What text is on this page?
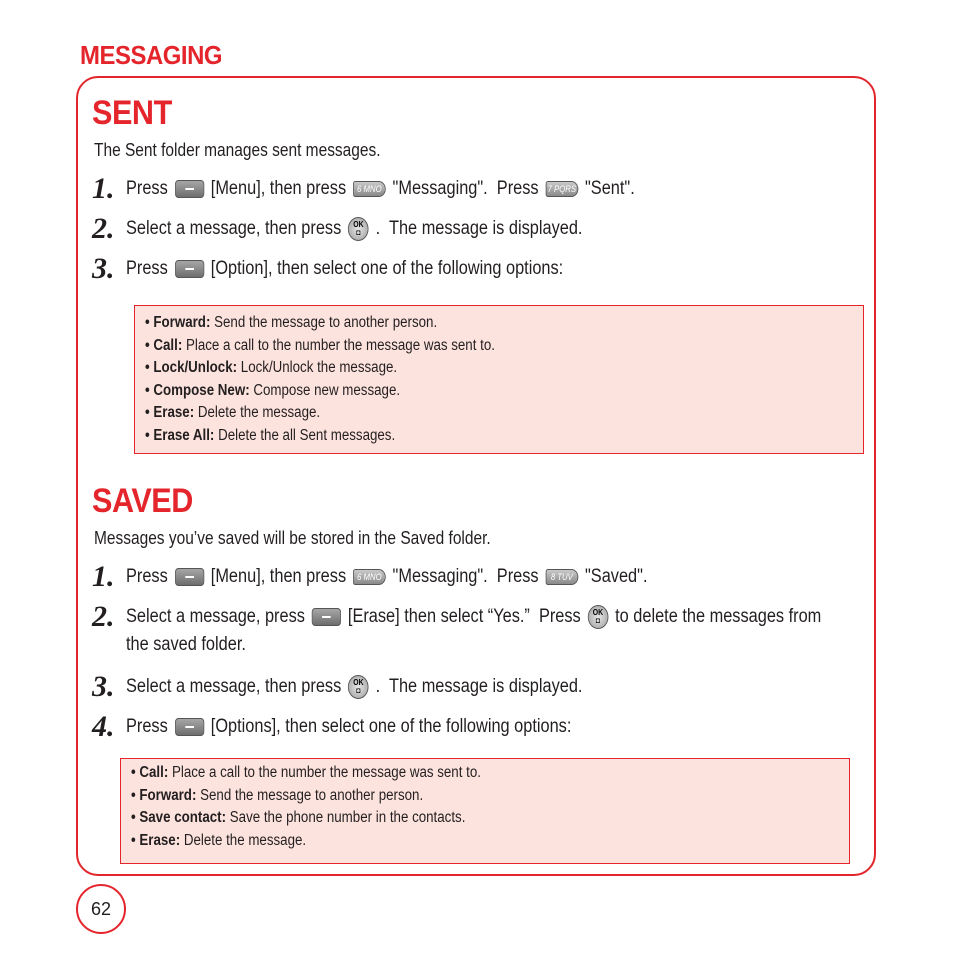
MESSAGING
SENT
The Sent folder manages sent messages.
1. Press [Menu], then press	6 MNO "Messaging".  Press 7 PQRS "Sent".
2. Select a message, then press OK
◘ .  The message is displayed.
3. Press [Option], then select one of the following options:
• Forward: Send the message to another person.
• Call: Place a call to the number the message was sent to.
• Lock/Unlock: Lock/Unlock the message.
• Compose New: Compose new message.
• Erase: Delete the message.
• Erase All: Delete the all Sent messages.
SAVED
Messages you’ve saved will be stored in the Saved folder.
1. Press [Menu], then press	6 MNO "Messaging".  Press	8 TUV "Saved".
2. Select a message, press [Erase] then select “Yes.”  Press OK
◘ to delete the messages from
the saved folder.
3. Select a message, then press OK
◘ .  The message is displayed.
4. Press [Options], then select one of the following options:
• Call: Place a call to the number the message was sent to.
• Forward: Send the message to another person.
• Save contact: Save the phone number in the contacts.
• Erase: Delete the message.
62
